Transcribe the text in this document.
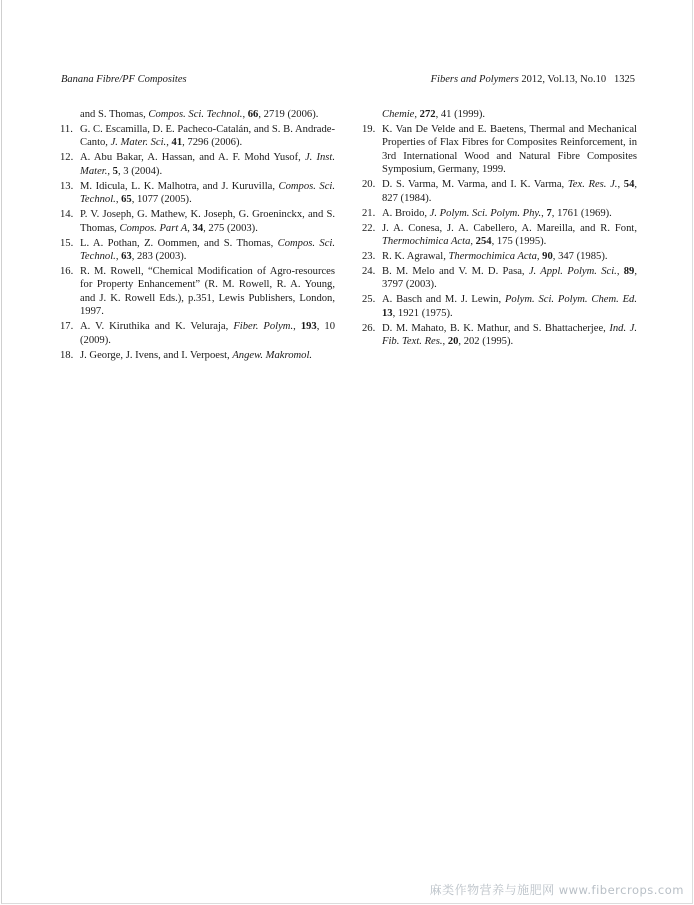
Banana Fibre/PF Composites	Fibers and Polymers 2012, Vol.13, No.10 1325
and S. Thomas, Compos. Sci. Technol., 66, 2719 (2006).
11. G. C. Escamilla, D. E. Pacheco-Catalán, and S. B. Andrade-Canto, J. Mater. Sci., 41, 7296 (2006).
12. A. Abu Bakar, A. Hassan, and A. F. Mohd Yusof, J. Inst. Mater., 5, 3 (2004).
13. M. Idicula, L. K. Malhotra, and J. Kuruvilla, Compos. Sci. Technol., 65, 1077 (2005).
14. P. V. Joseph, G. Mathew, K. Joseph, G. Groeninckx, and S. Thomas, Compos. Part A, 34, 275 (2003).
15. L. A. Pothan, Z. Oommen, and S. Thomas, Compos. Sci. Technol., 63, 283 (2003).
16. R. M. Rowell, “Chemical Modification of Agro-resources for Property Enhancement” (R. M. Rowell, R. A. Young, and J. K. Rowell Eds.), p.351, Lewis Publishers, London, 1997.
17. A. V. Kiruthika and K. Veluraja, Fiber. Polym., 193, 10 (2009).
18. J. George, J. Ivens, and I. Verpoest, Angew. Makromol.
Chemie, 272, 41 (1999).
19. K. Van De Velde and E. Baetens, Thermal and Mechanical Properties of Flax Fibres for Composites Reinforcement, in 3rd International Wood and Natural Fibre Composites Symposium, Germany, 1999.
20. D. S. Varma, M. Varma, and I. K. Varma, Tex. Res. J., 54, 827 (1984).
21. A. Broido, J. Polym. Sci. Polym. Phy., 7, 1761 (1969).
22. J. A. Conesa, J. A. Cabellero, A. Mareilla, and R. Font, Thermochimica Acta, 254, 175 (1995).
23. R. K. Agrawal, Thermochimica Acta, 90, 347 (1985).
24. B. M. Melo and V. M. D. Pasa, J. Appl. Polym. Sci., 89, 3797 (2003).
25. A. Basch and M. J. Lewin, Polym. Sci. Polym. Chem. Ed. 13, 1921 (1975).
26. D. M. Mahato, B. K. Mathur, and S. Bhattacherjee, Ind. J. Fib. Text. Res., 20, 202 (1995).
麻类作物营养与施肥网 www.fibercrops.com
